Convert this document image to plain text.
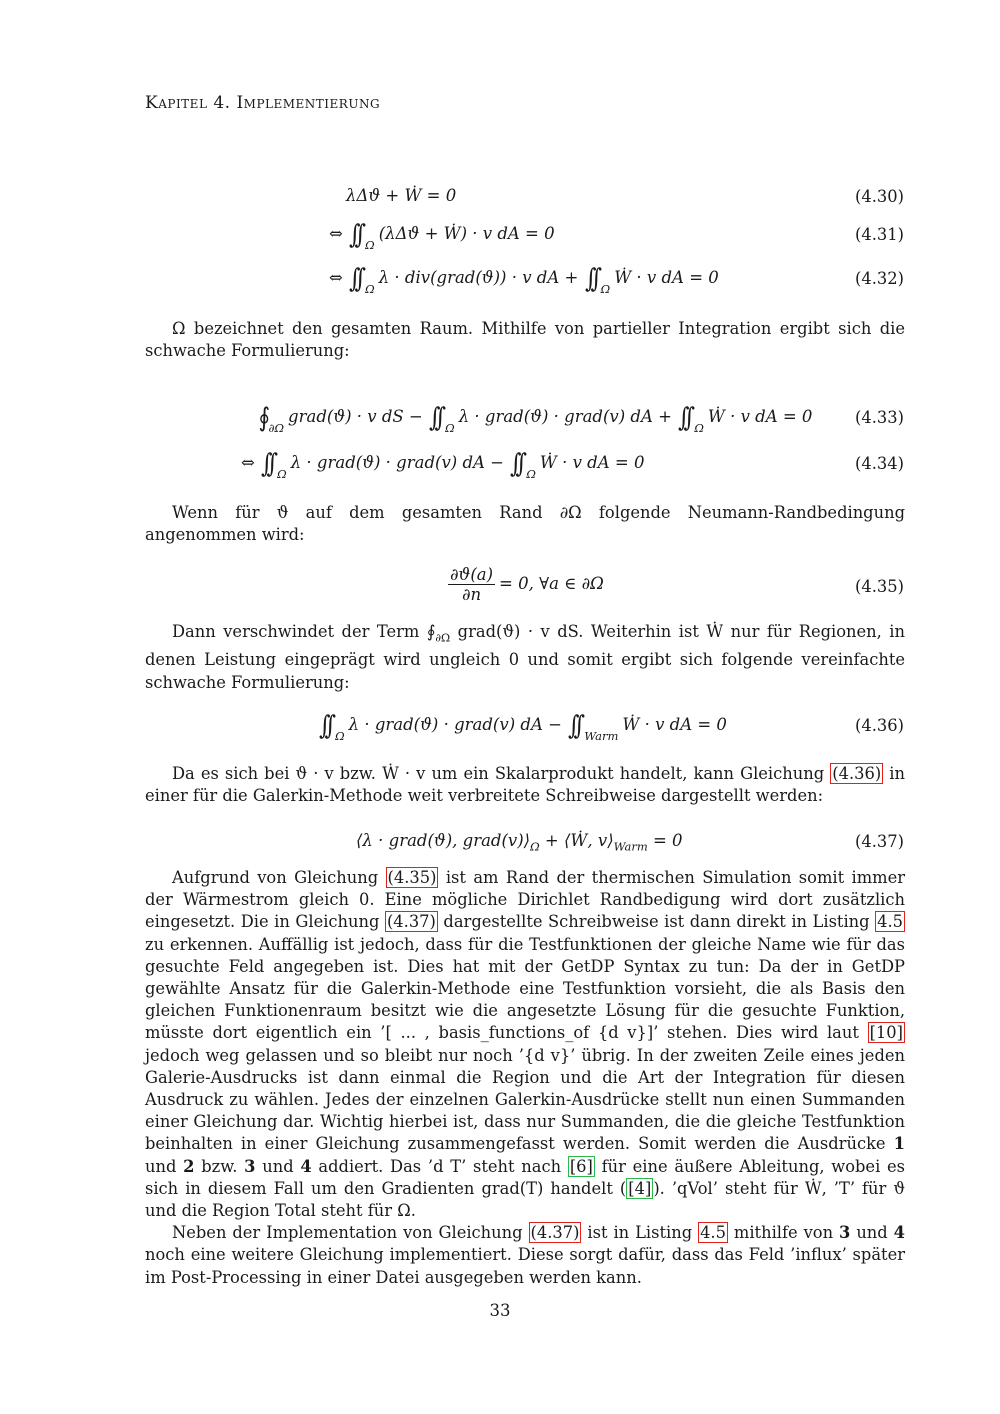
Kapitel 4. Implementierung
λΔϑ + Ẇ = 0	(4.30)
⇔ ∫∫ $_\Omega$(λΔϑ + Ẇ) · v dA = 0	(4.31)
⇔ ∫∫ $_\Omega$λ · div(grad(ϑ)) · v dA + ∫∫ $_\Omega$Ẇ · v dA = 0	(4.32)

Ω bezeichnet den gesamten Raum. Mithilfe von partieller Integration ergibt sich die schwache Formulierung:

∮ $_{\partial\Omega}$grad(ϑ) · v dS − ∫∫ $_\Omega$λ · grad(ϑ) · grad(v) dA + ∫∫ $_\Omega$Ẇ · v dA = 0	(4.33)
⇔ ∫∫ $_\Omega$λ · grad(ϑ) · grad(v) dA − ∫∫ $_\Omega$Ẇ · v dA = 0	(4.34)

Wenn für ϑ auf dem gesamten Rand ∂Ω folgende Neumann-Randbedingung angenommen wird:

$\frac{\partial ϑ(a)}{\partial n} = 0$, ∀a ∈ ∂Ω	(4.35)

Dann verschwindet der Term $∮_{\partial\Omega}$ grad(ϑ) · v dS. Weiterhin ist Ẇ nur für Regionen, in denen Leistung eingeprägt wird ungleich 0 und somit ergibt sich folgende vereinfachte schwache Formulierung:

∫∫ $_\Omega$λ · grad(ϑ) · grad(v) dA − ∫∫ $_{Warm}$Ẇ · v dA = 0	(4.36)

Da es sich bei ϑ · v bzw. Ẇ · v um ein Skalarprodukt handelt, kann Gleichung (4.36) in einer für die Galerkin-Methode weit verbreitete Schreibweise dargestellt werden:

⟨λ · grad(ϑ), $grad(v)⟩_\Omega$ + ⟨Ẇ, $v⟩_{Warm} = 0$	(4.37)

Aufgrund von Gleichung (4.35) ist am Rand der thermischen Simulation somit immer der Wärmestrom gleich 0. Eine mögliche Dirichlet Randbedigung wird dort zusätzlich eingesetzt. Die in Gleichung (4.37) dargestellte Schreibweise ist dann direkt in Listing 4.5 zu erkennen. Auffällig ist jedoch, dass für die Testfunktionen der gleiche Name wie für das gesuchte Feld angegeben ist. Dies hat mit der GetDP Syntax zu tun: Da der in GetDP gewählte Ansatz für die Galerkin-Methode eine Testfunktion vorsieht, die als Basis den gleichen Funktionenraum besitzt wie die angesetzte Lösung für die gesuchte Funktion, müsste dort eigentlich ein ’[ ... , basis_functions_of {d v}]’ stehen. Dies wird laut [10] jedoch weg gelassen und so bleibt nur noch ’{d v}’ übrig. In der zweiten Zeile eines jeden Galerie-Ausdrucks ist dann einmal die Region und die Art der Integration für diesen Ausdruck zu wählen. Jedes der einzelnen Galerkin-Ausdrücke stellt nun einen Summanden einer Gleichung dar. Wichtig hierbei ist, dass nur Summanden, die die gleiche Testfunktion beinhalten in einer Gleichung zusammengefasst werden. Somit werden die Ausdrücke 1 und 2 bzw. 3 und 4 addiert. Das ’d T’ steht nach [6] für eine äußere Ableitung, wobei es sich in diesem Fall um den Gradienten grad(T) handelt ( [4] ). ’qVol’ steht für Ẇ, ’T’ für ϑ und die Region Total steht für Ω.

Neben der Implementation von Gleichung (4.37) ist in Listing 4.5 mithilfe von 3 und 4 noch eine weitere Gleichung implementiert. Diese sorgt dafür, dass das Feld ’influx’ später im Post-Processing in einer Datei ausgegeben werden kann.

33
